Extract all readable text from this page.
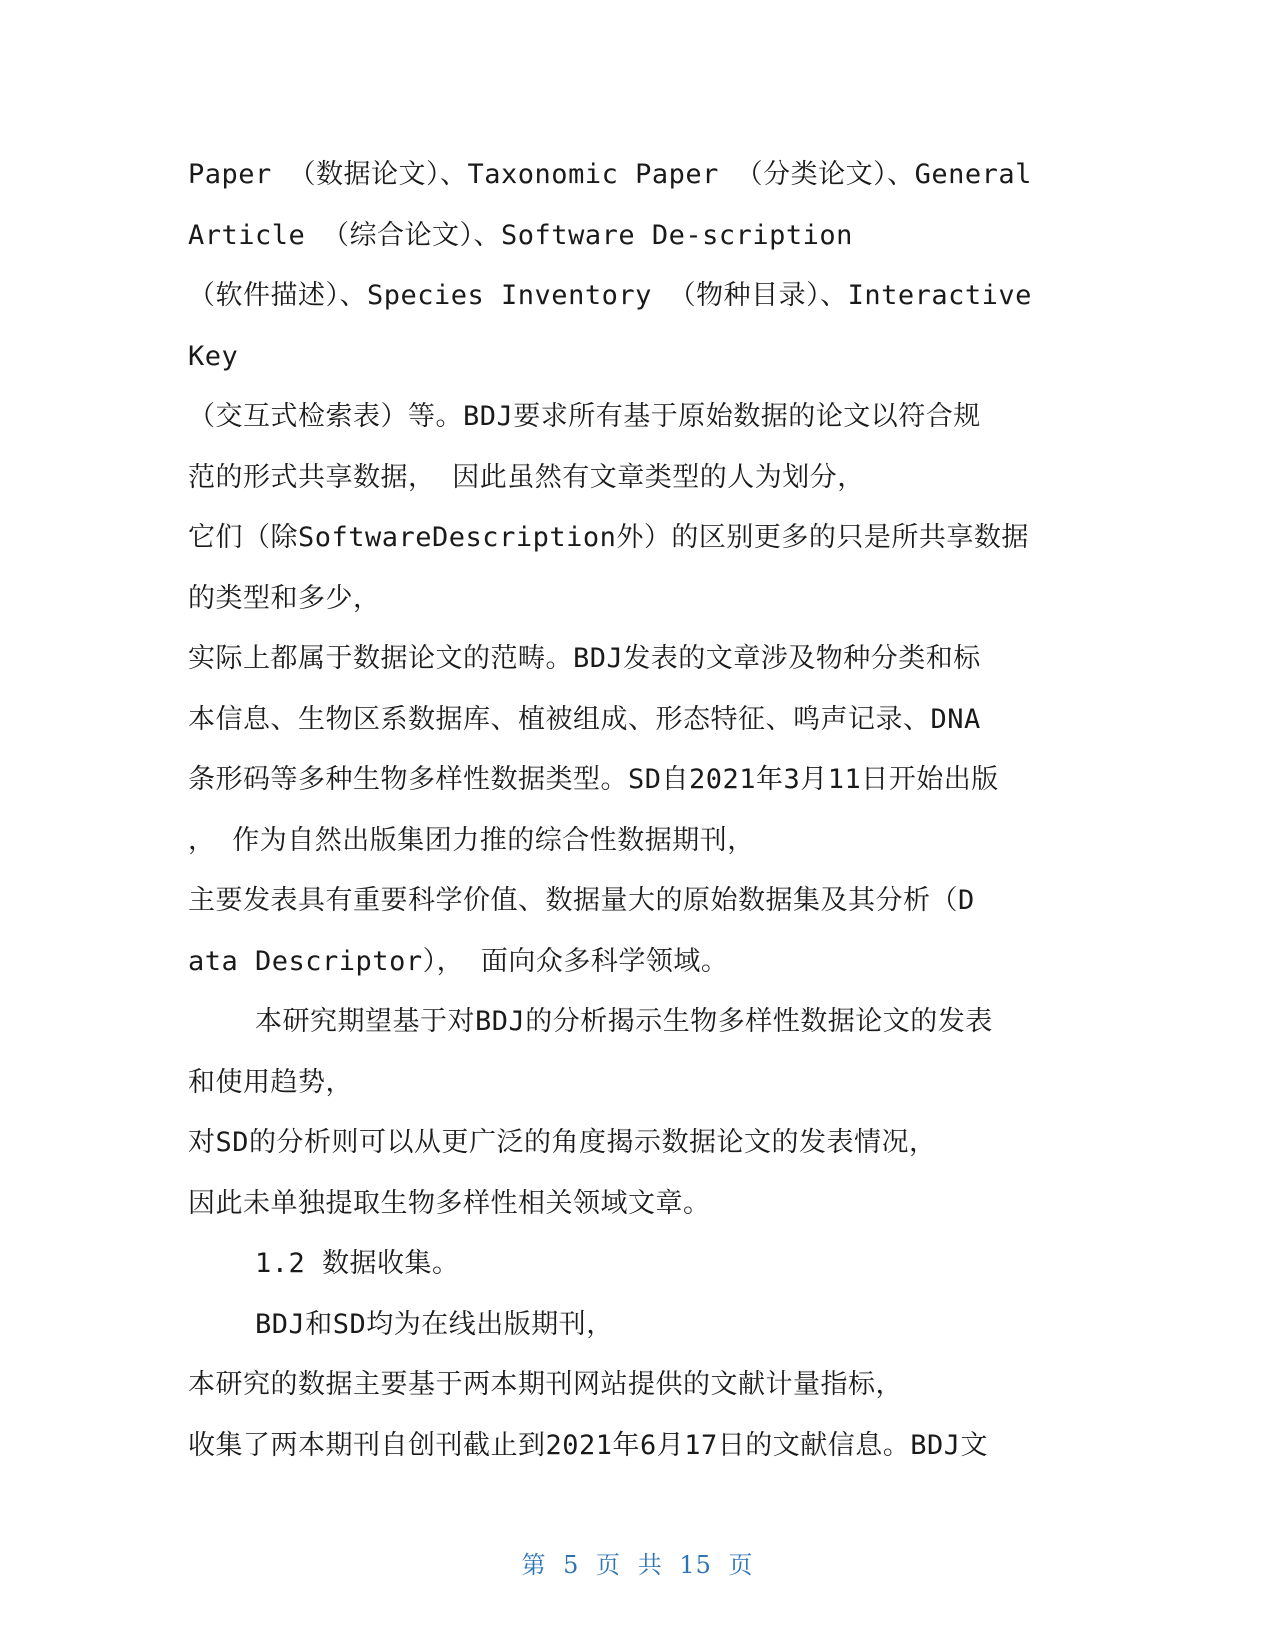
Paper （数据论文）、Taxonomic Paper （分类论文）、General
Article （综合论文）、Software De-scription
（软件描述）、Species Inventory （物种目录）、Interactive
Key
（交互式检索表）等。BDJ要求所有基于原始数据的论文以符合规
范的形式共享数据， 因此虽然有文章类型的人为划分，
它们（除SoftwareDescription外）的区别更多的只是所共享数据
的类型和多少，
实际上都属于数据论文的范畴。BDJ发表的文章涉及物种分类和标
本信息、生物区系数据库、植被组成、形态特征、鸣声记录、DNA
条形码等多种生物多样性数据类型。SD自2021年3月11日开始出版
， 作为自然出版集团力推的综合性数据期刊，
主要发表具有重要科学价值、数据量大的原始数据集及其分析（D
ata Descriptor）， 面向众多科学领域。
本研究期望基于对BDJ的分析揭示生物多样性数据论文的发表
和使用趋势，
对SD的分析则可以从更广泛的角度揭示数据论文的发表情况，
因此未单独提取生物多样性相关领域文章。
1.2 数据收集。
BDJ和SD均为在线出版期刊，
本研究的数据主要基于两本期刊网站提供的文献计量指标，
收集了两本期刊自创刊截止到2021年6月17日的文献信息。BDJ文
第 5 页 共 15 页
